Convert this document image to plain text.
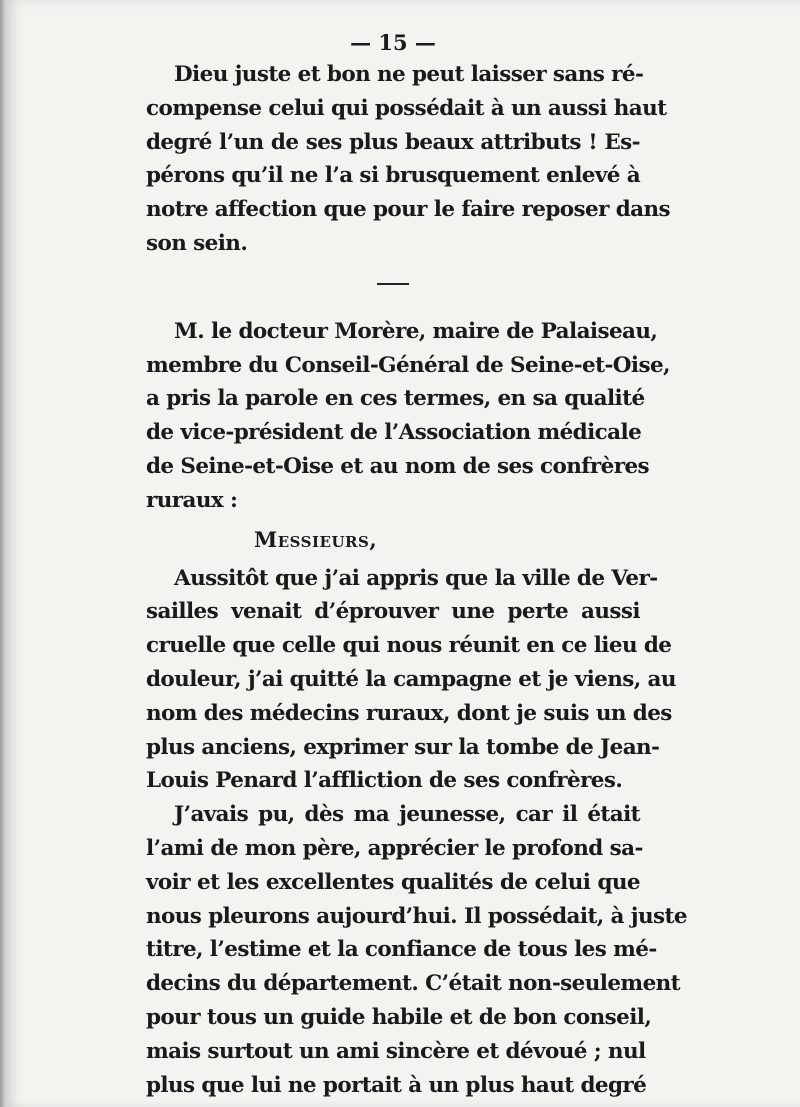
— 15 —
Dieu juste et bon ne peut laisser sans ré-
compense celui qui possédait à un aussi haut
degré l’un de ses plus beaux attributs ! Es-
pérons qu’il ne l’a si brusquement enlevé à
notre affection que pour le faire reposer dans
son sein.
M. le docteur Morère, maire de Palaiseau,
membre du Conseil-Général de Seine-et-Oise,
a pris la parole en ces termes, en sa qualité
de vice-président de l’Association médicale
de Seine-et-Oise et au nom de ses confrères
ruraux :
Messieurs,
Aussitôt que j’ai appris que la ville de Ver-
sailles venait d’éprouver une perte aussi
cruelle que celle qui nous réunit en ce lieu de
douleur, j’ai quitté la campagne et je viens, au
nom des médecins ruraux, dont je suis un des
plus anciens, exprimer sur la tombe de Jean-
Louis Penard l’affliction de ses confrères.
J’avais pu, dès ma jeunesse, car il était
l’ami de mon père, apprécier le profond sa-
voir et les excellentes qualités de celui que
nous pleurons aujourd’hui. Il possédait, à juste
titre, l’estime et la confiance de tous les mé-
decins du département. C’était non-seulement
pour tous un guide habile et de bon conseil,
mais surtout un ami sincère et dévoué ; nul
plus que lui ne portait à un plus haut degré
